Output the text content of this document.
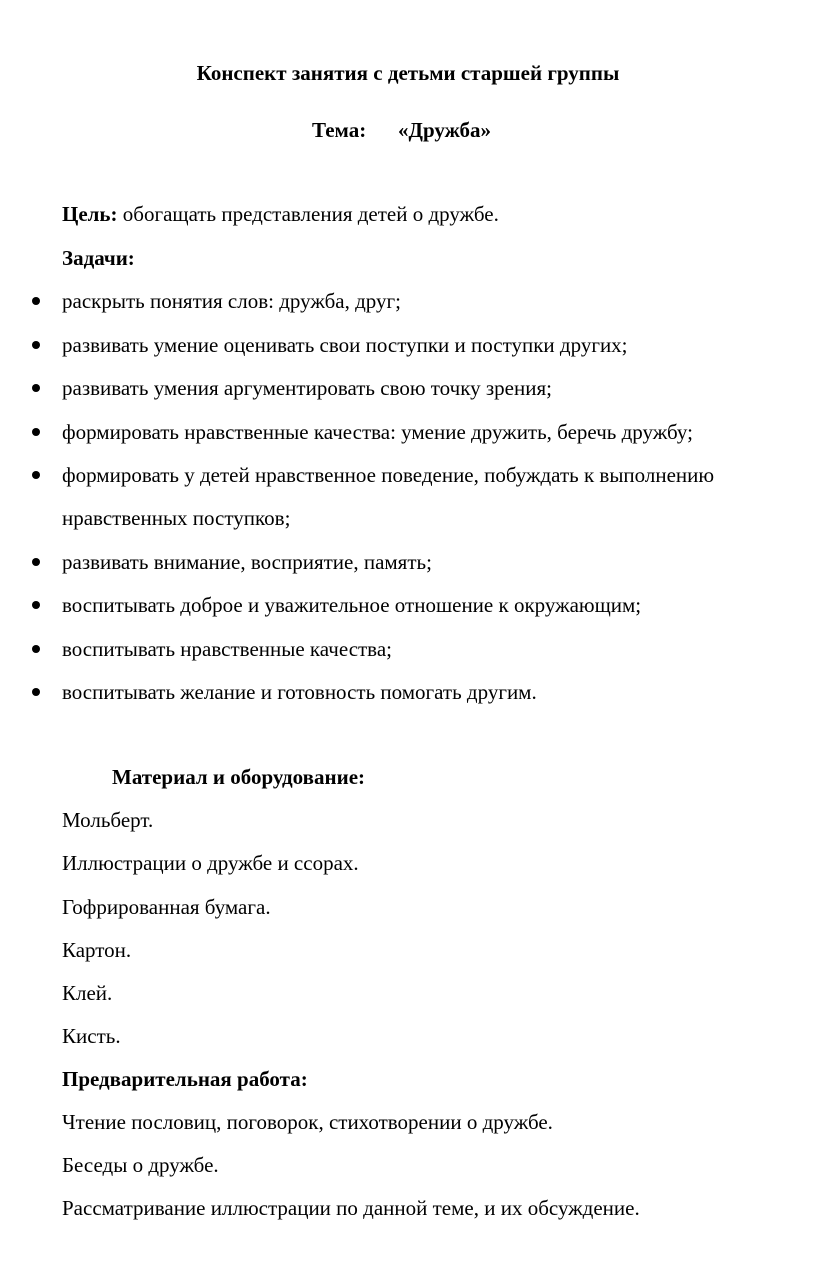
Конспект занятия с детьми старшей группы
Тема: «Дружба»
Цель: обогащать представления детей о дружбе.
Задачи:
раскрыть понятия слов: дружба, друг;
развивать умение оценивать свои поступки и поступки других;
развивать умения аргументировать свою точку зрения;
формировать нравственные качества: умение дружить, беречь дружбу;
формировать у детей нравственное поведение, побуждать к выполнению
нравственных поступков;
развивать внимание, восприятие, память;
воспитывать доброе и уважительное отношение к окружающим;
воспитывать нравственные качества;
воспитывать желание и готовность помогать другим.
Материал и оборудование:
Мольберт.
Иллюстрации о дружбе и ссорах.
Гофрированная бумага.
Картон.
Клей.
Кисть.
Предварительная работа:
Чтение пословиц, поговорок, стихотворении о дружбе.
Беседы о дружбе.
Рассматривание иллюстрации по данной теме, и их обсуждение.
